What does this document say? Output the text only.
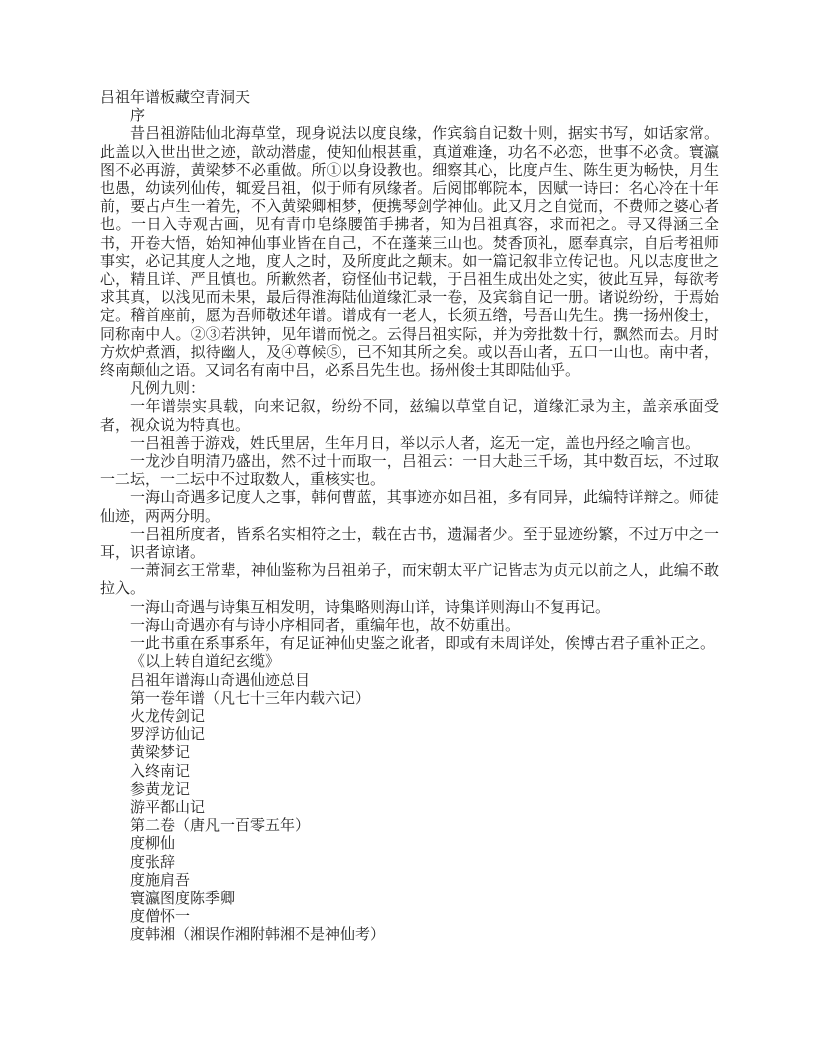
吕祖年谱板藏空青洞天

序

昔吕祖游陆仙北海草堂，现身说法以度良缘，作宾翁自记数十则，据实书写，如话家常。此盖以入世出世之迹，歆动潜虚，使知仙根甚重，真道难逢，功名不必恋，世事不必贪。寰瀛图不必再游，黄梁梦不必重做。所①以身设教也。细察其心，比度卢生、陈生更为畅快，月生也愚，幼读列仙传，辄爱吕祖，似于师有夙缘者。后阅邯郸院本，因赋一诗曰：名心冷在十年前，要占卢生一着先，不入黄梁卿相梦，便携琴剑学神仙。此又月之自觉而，不费师之婆心者也。一日入寺观古画，见有青巾皂绦腰笛手拂者，知为吕祖真容，求而祀之。寻又得涵三全书，开卷大悟，始知神仙事业皆在自己，不在蓬莱三山也。焚香顶礼，愿奉真宗，自后考祖师事实，必记其度人之地，度人之时，及所度此之颠末。如一篇记叙非立传记也。凡以志度世之心，精且详、严且慎也。所歉然者，窃怪仙书记载，于吕祖生成出处之实，彼此互异，每欲考求其真，以浅见而未果，最后得淮海陆仙道缘汇录一卷，及宾翁自记一册。诸说纷纷，于焉始定。稽首座前，愿为吾师敬述年谱。谱成有一老人，长须五绺，号吾山先生。携一扬州俊士，同称南中人。②③若洪钟，见年谱而悦之。云得吕祖实际，并为旁批数十行，飘然而去。月时方炊炉煮酒，拟待幽人，及④尊候⑤，已不知其所之矣。或以吾山者，五口一山也。南中者，终南颠仙之语。又词名有南中吕，必系吕先生也。扬州俊士其即陆仙乎。

凡例九则：

一年谱崇实具载，向来记叙，纷纷不同，兹编以草堂自记，道缘汇录为主，盖亲承面受者，视众说为特真也。

一吕祖善于游戏，姓氏里居，生年月日，举以示人者，迄无一定，盖也丹经之喻言也。

一龙沙自明清乃盛出，然不过十而取一，吕祖云：一日大赴三千场，其中数百坛，不过取一二坛，一二坛中不过取数人，重核实也。

一海山奇遇多记度人之事，韩何曹蓝，其事迹亦如吕祖，多有同异，此编特详辩之。师徒仙迹，两两分明。

一吕祖所度者，皆系名实相符之士，载在古书，遗漏者少。至于显迹纷繁，不过万中之一耳，识者谅诸。

一萧洞玄王常辈，神仙鉴称为吕祖弟子，而宋朝太平广记皆志为贞元以前之人，此编不敢拉入。

一海山奇遇与诗集互相发明，诗集略则海山详，诗集详则海山不复再记。

一海山奇遇亦有与诗小序相同者，重编年也，故不妨重出。

一此书重在系事系年，有足证神仙史鉴之讹者，即或有未周详处，俟博古君子重补正之。

《以上转自道纪玄缆》

吕祖年谱海山奇遇仙迹总目

第一卷年谱（凡七十三年内载六记）

火龙传剑记

罗浮访仙记

黄梁梦记

入终南记

参黄龙记

游平都山记

第二卷（唐凡一百零五年）

度柳仙

度张辞

度施肩吾

寰瀛图度陈季卿

度僧怀一

度韩湘（湘误作湘附韩湘不是神仙考）
